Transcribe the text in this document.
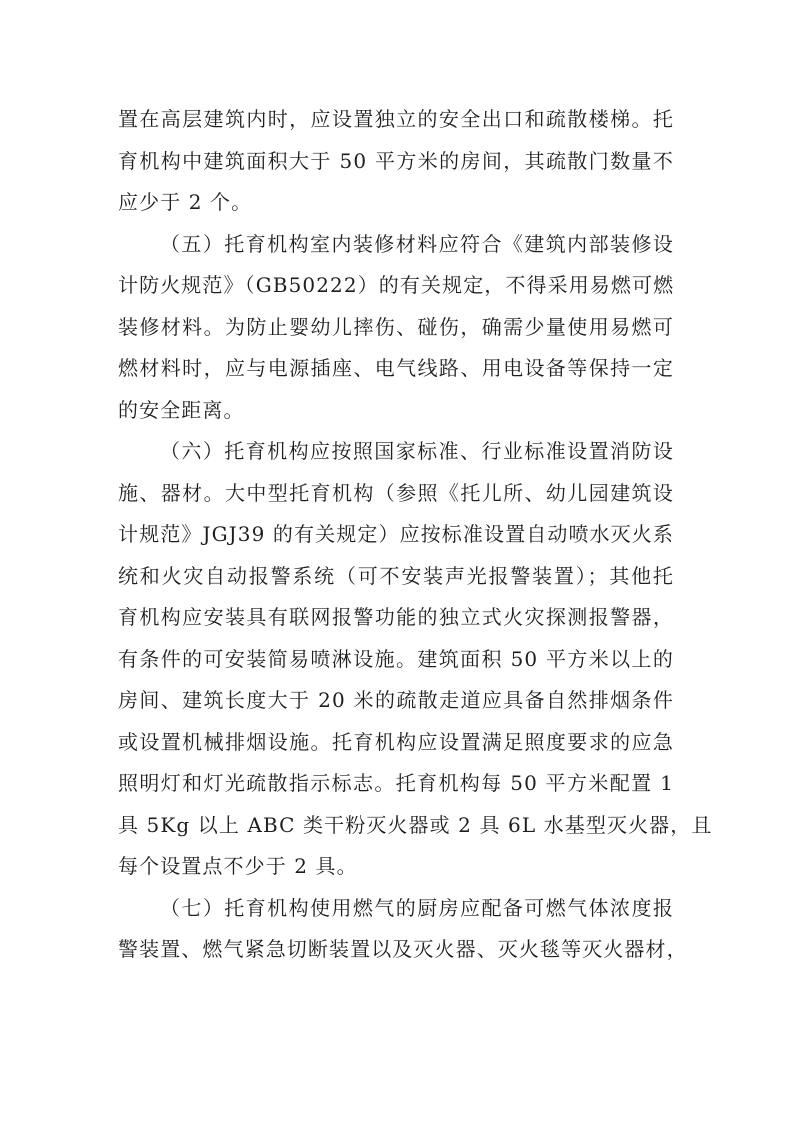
置在高层建筑内时，应设置独立的安全出口和疏散楼梯。托
育机构中建筑面积大于 50 平方米的房间，其疏散门数量不
应少于 2 个。
（五）托育机构室内装修材料应符合《建筑内部装修设
计防火规范》（GB50222）的有关规定，不得采用易燃可燃
装修材料。为防止婴幼儿摔伤、碰伤，确需少量使用易燃可
燃材料时，应与电源插座、电气线路、用电设备等保持一定
的安全距离。
（六）托育机构应按照国家标准、行业标准设置消防设
施、器材。大中型托育机构（参照《托儿所、幼儿园建筑设
计规范》JGJ39 的有关规定）应按标准设置自动喷水灭火系
统和火灾自动报警系统（可不安装声光报警装置）；其他托
育机构应安装具有联网报警功能的独立式火灾探测报警器，
有条件的可安装简易喷淋设施。建筑面积 50 平方米以上的
房间、建筑长度大于 20 米的疏散走道应具备自然排烟条件
或设置机械排烟设施。托育机构应设置满足照度要求的应急
照明灯和灯光疏散指示标志。托育机构每 50 平方米配置 1
具 5Kg 以上 ABC 类干粉灭火器或 2 具 6L 水基型灭火器，且
每个设置点不少于 2 具。
（七）托育机构使用燃气的厨房应配备可燃气体浓度报
警装置、燃气紧急切断装置以及灭火器、灭火毯等灭火器材，
